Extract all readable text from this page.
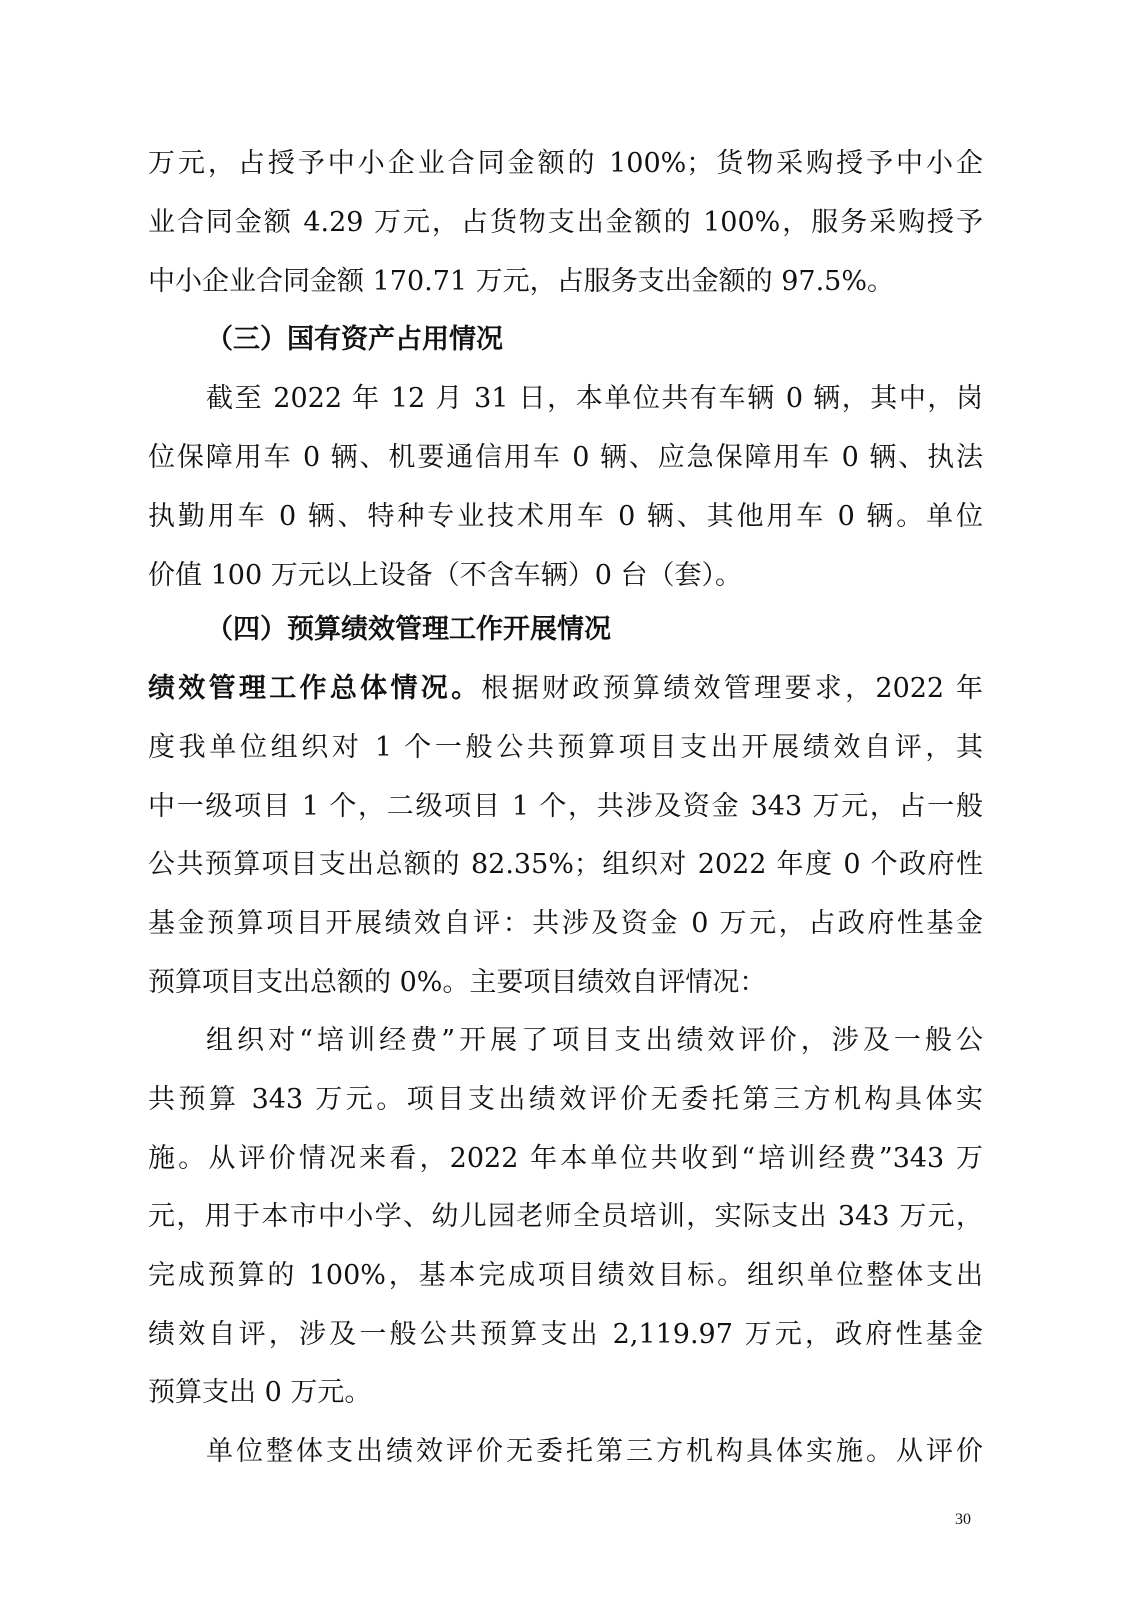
万元，占授予中小企业合同金额的 100%；货物采购授予中小企

业合同金额 4.29 万元，占货物支出金额的 100%，服务采购授予

中小企业合同金额 170.71 万元，占服务支出金额的 97.5%。

（三）国有资产占用情况

截至 2022 年 12 月 31 日，本单位共有车辆 0 辆，其中，岗

位保障用车 0 辆、机要通信用车 0 辆、应急保障用车 0 辆、执法

执勤用车 0 辆、特种专业技术用车 0 辆、其他用车 0 辆。单位

价值 100 万元以上设备（不含车辆）0 台（套）。

（四）预算绩效管理工作开展情况

绩效管理工作总体情况。根据财政预算绩效管理要求，2022 年

度我单位组织对 1 个一般公共预算项目支出开展绩效自评，其

中一级项目 1 个，二级项目 1 个，共涉及资金 343 万元，占一般

公共预算项目支出总额的 82.35%；组织对 2022 年度 0 个政府性

基金预算项目开展绩效自评：共涉及资金 0 万元，占政府性基金

预算项目支出总额的 0%。主要项目绩效自评情况：

组织对“培训经费”开展了项目支出绩效评价，涉及一般公

共预算 343 万元。项目支出绩效评价无委托第三方机构具体实

施。从评价情况来看，2022 年本单位共收到“培训经费”343 万

元，用于本市中小学、幼儿园老师全员培训，实际支出 343 万元，

完成预算的 100%，基本完成项目绩效目标。组织单位整体支出

绩效自评，涉及一般公共预算支出 2,119.97 万元，政府性基金

预算支出 0 万元。

单位整体支出绩效评价无委托第三方机构具体实施。从评价

30
